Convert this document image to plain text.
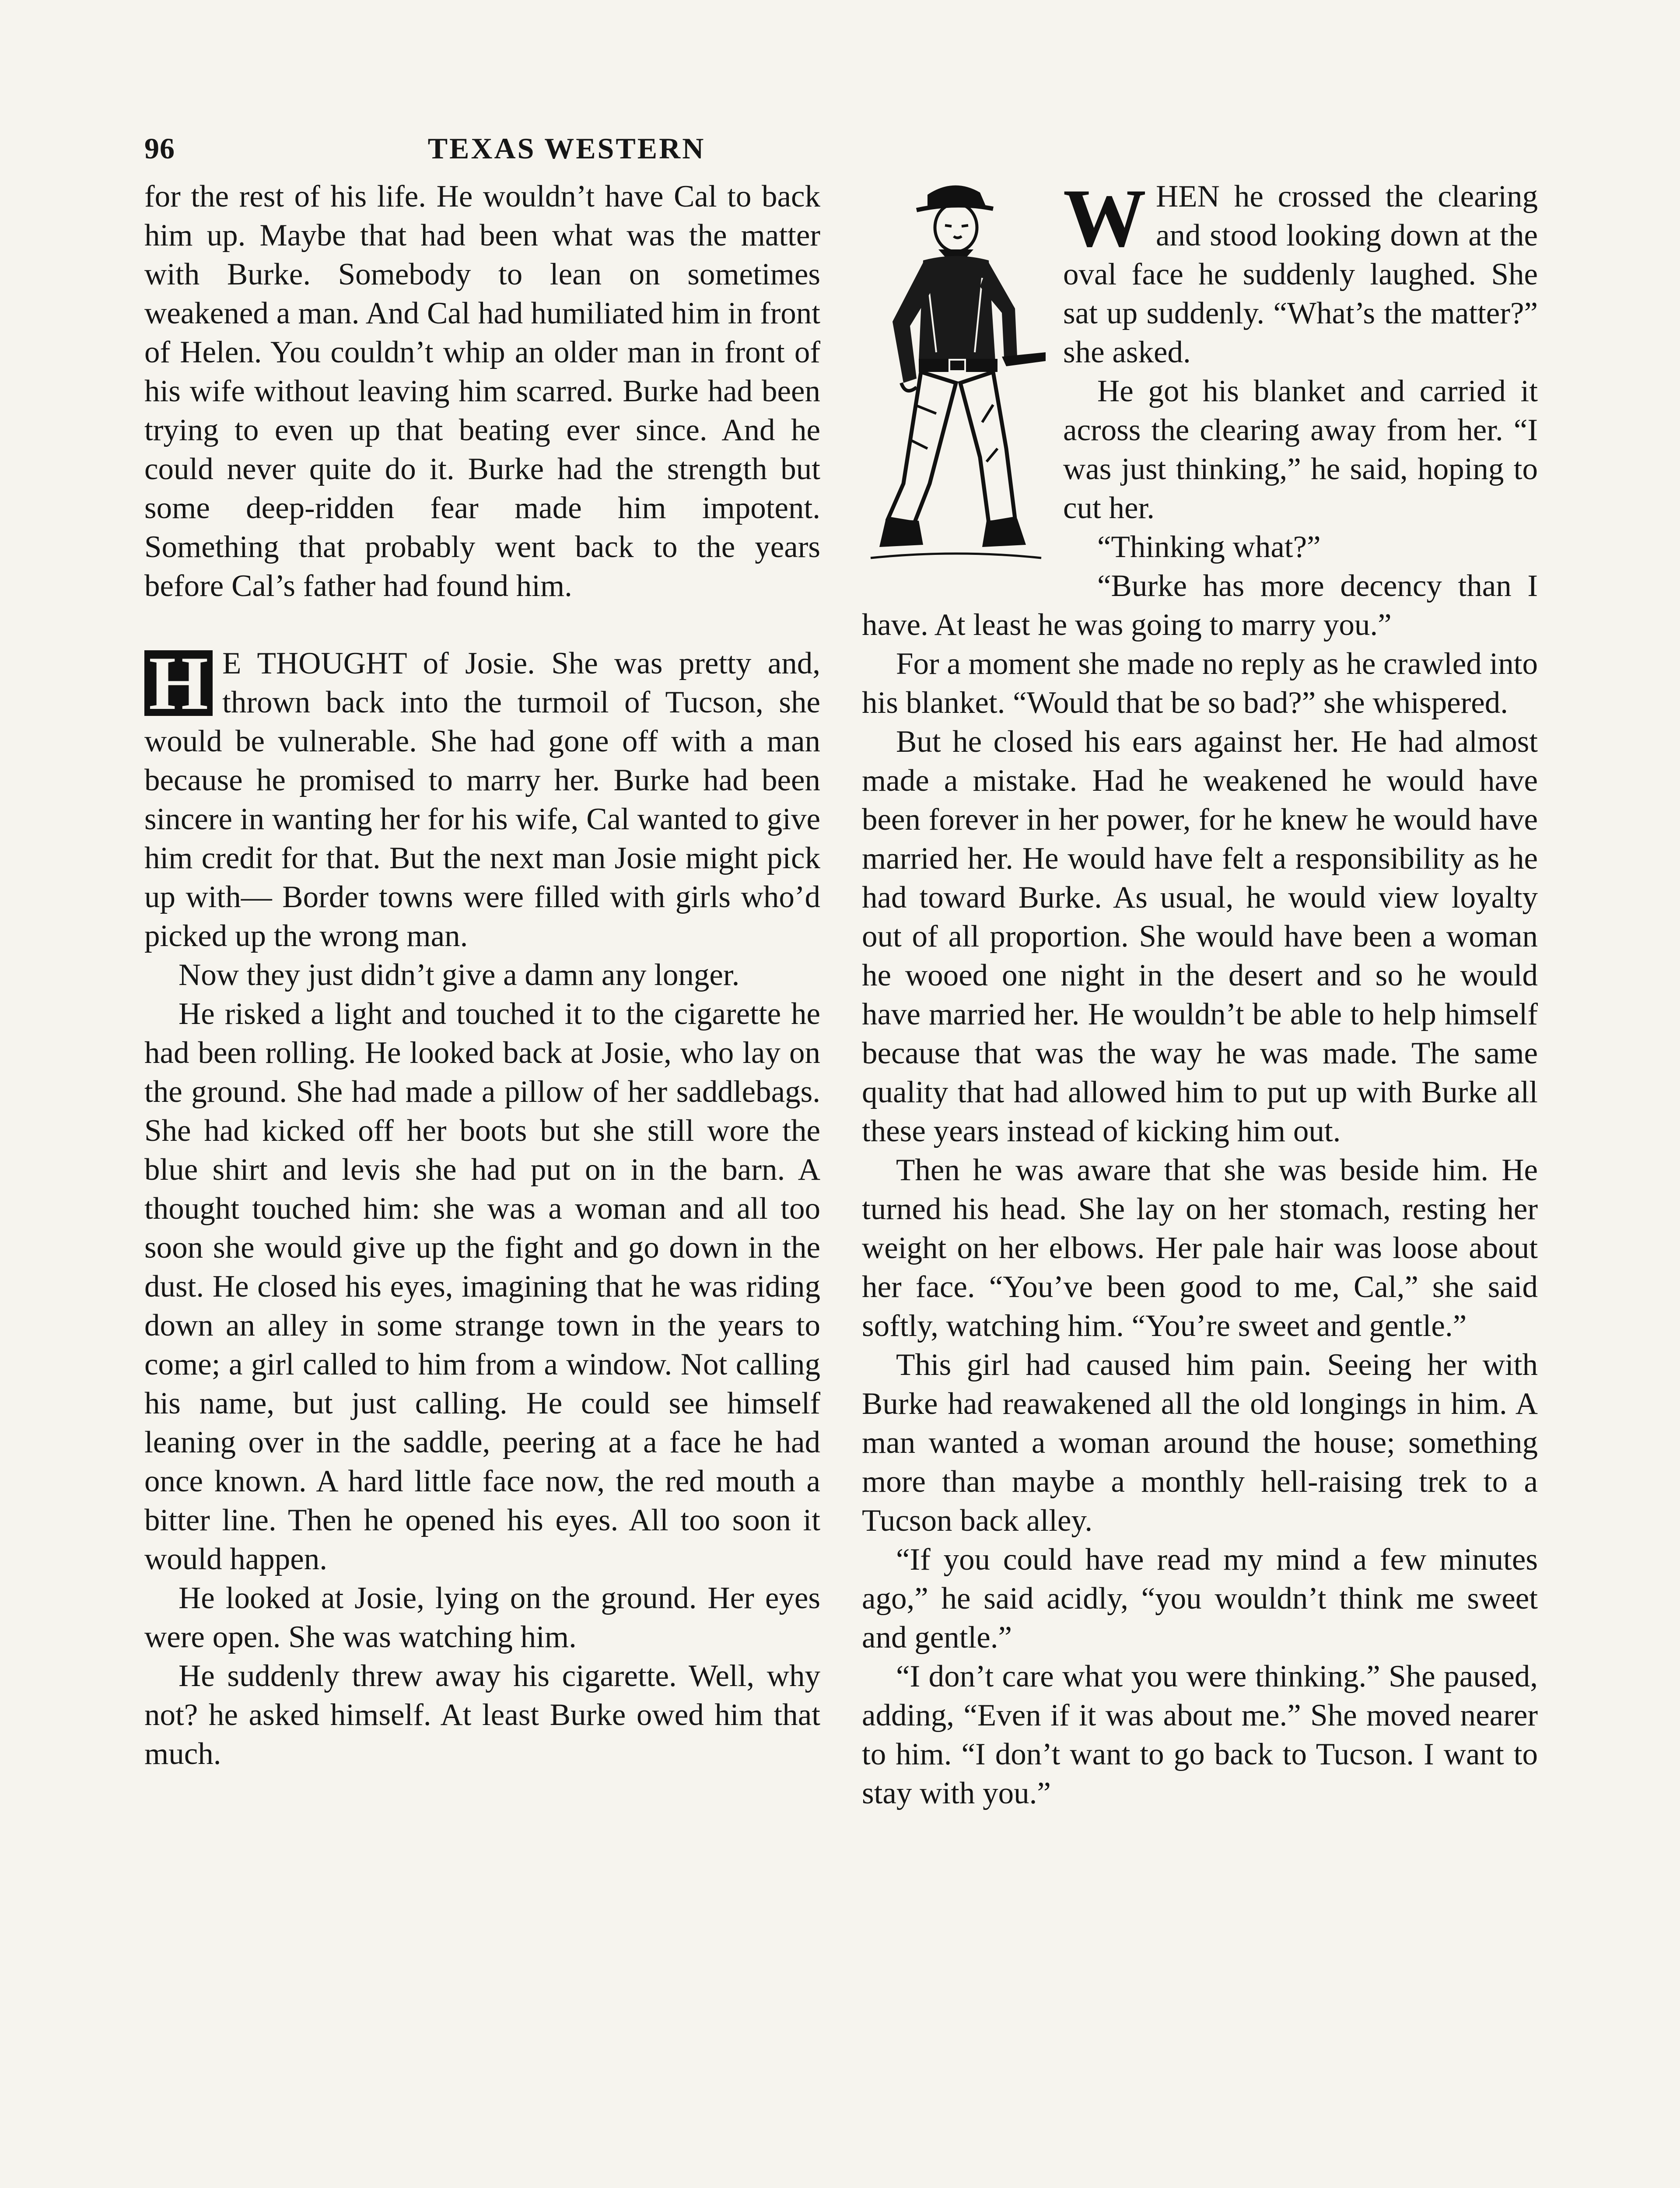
96	TEXAS WESTERN

for the rest of his life. He wouldn’t have Cal to back him up. Maybe that had been what was the matter with Burke. Somebody to lean on sometimes weakened a man. And Cal had humiliated him in front of Helen. You couldn’t whip an older man in front of his wife without leaving him scarred. Burke had been trying to even up that beating ever since. And he could never quite do it. Burke had the strength but some deep-ridden fear made him impotent. Something that probably went back to the years before Cal’s father had found him.

H E THOUGHT of Josie. She was pretty and, thrown back into the turmoil of Tucson, she would be vulnerable. She had gone off with a man because he promised to marry her. Burke had been sincere in wanting her for his wife, Cal wanted to give him credit for that. But the next man Josie might pick up with— Border towns were filled with girls who’d picked up the wrong man.

Now they just didn’t give a damn any longer.

He risked a light and touched it to the cigarette he had been rolling. He looked back at Josie, who lay on the ground. She had made a pillow of her saddlebags. She had kicked off her boots but she still wore the blue shirt and levis she had put on in the barn. A thought touched him: she was a woman and all too soon she would give up the fight and go down in the dust. He closed his eyes, imagining that he was riding down an alley in some strange town in the years to come; a girl called to him from a window. Not calling his name, but just calling. He could see himself leaning over in the saddle, peering at a face he had once known. A hard little face now, the red mouth a bitter line. Then he opened his eyes. All too soon it would happen.

He looked at Josie, lying on the ground. Her eyes were open. She was watching him.

He suddenly threw away his cigarette. Well, why not? he asked himself. At least Burke owed him that much.

WHEN he crossed the clearing and stood looking down at the oval face he suddenly laughed. She sat up suddenly. “What’s the matter?” she asked.

He got his blanket and carried it across the clearing away from her. “I was just thinking,” he said, hoping to cut her.

“Thinking what?”

“Burke has more decency than I have. At least he was going to marry you.”

For a moment she made no reply as he crawled into his blanket. “Would that be so bad?” she whispered.

But he closed his ears against her. He had almost made a mistake. Had he weakened he would have been forever in her power, for he knew he would have married her. He would have felt a responsibility as he had toward Burke. As usual, he would view loyalty out of all proportion. She would have been a woman he wooed one night in the desert and so he would have married her. He wouldn’t be able to help himself because that was the way he was made. The same quality that had allowed him to put up with Burke all these years instead of kicking him out.

Then he was aware that she was beside him. He turned his head. She lay on her stomach, resting her weight on her elbows. Her pale hair was loose about her face. “You’ve been good to me, Cal,” she said softly, watching him. “You’re sweet and gentle.”

This girl had caused him pain. Seeing her with Burke had reawakened all the old longings in him. A man wanted a woman around the house; something more than maybe a monthly hell-raising trek to a Tucson back alley.

“If you could have read my mind a few minutes ago,” he said acidly, “you wouldn’t think me sweet and gentle.”

“I don’t care what you were thinking.” She paused, adding, “Even if it was about me.” She moved nearer to him. “I don’t want to go back to Tucson. I want to stay with you.”
